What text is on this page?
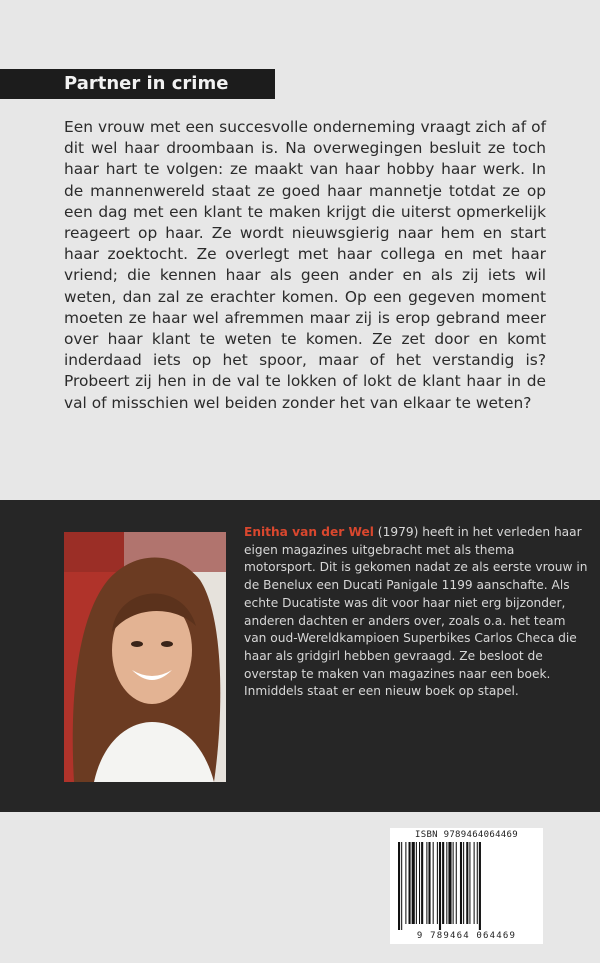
Partner in crime

Een vrouw met een succesvolle onderneming vraagt zich af of dit wel haar droombaan is. Na overwegingen besluit ze toch haar hart te volgen: ze maakt van haar hobby haar werk. In de mannenwereld staat ze goed haar mannetje totdat ze op een dag met een klant te maken krijgt die uiterst opmerkelijk reageert op haar. Ze wordt nieuwsgierig naar hem en start haar zoektocht. Ze overlegt met haar collega en met haar vriend; die kennen haar als geen ander en als zij iets wil weten, dan zal ze erachter komen. Op een gegeven moment moeten ze haar wel afremmen maar zij is erop gebrand meer over haar klant te weten te komen. Ze zet door en komt inderdaad iets op het spoor, maar of het verstandig is? Probeert zij hen in de val te lokken of lokt de klant haar in de val of misschien wel beiden zonder het van elkaar te weten?

Enitha van der Wel (1979) heeft in het verleden haar eigen magazines uitgebracht met als thema motorsport. Dit is gekomen nadat ze als eerste vrouw in de Benelux een Ducati Panigale 1199 aanschafte. Als echte Ducatiste was dit voor haar niet erg bijzonder, anderen dachten er anders over, zoals o.a. het team van oud-Wereldkampioen Superbikes Carlos Checa die haar als gridgirl hebben gevraagd. Ze besloot de overstap te maken van magazines naar een boek. Inmiddels staat er een nieuw boek op stapel.

ISBN 9789464064469
9 789464 064469
